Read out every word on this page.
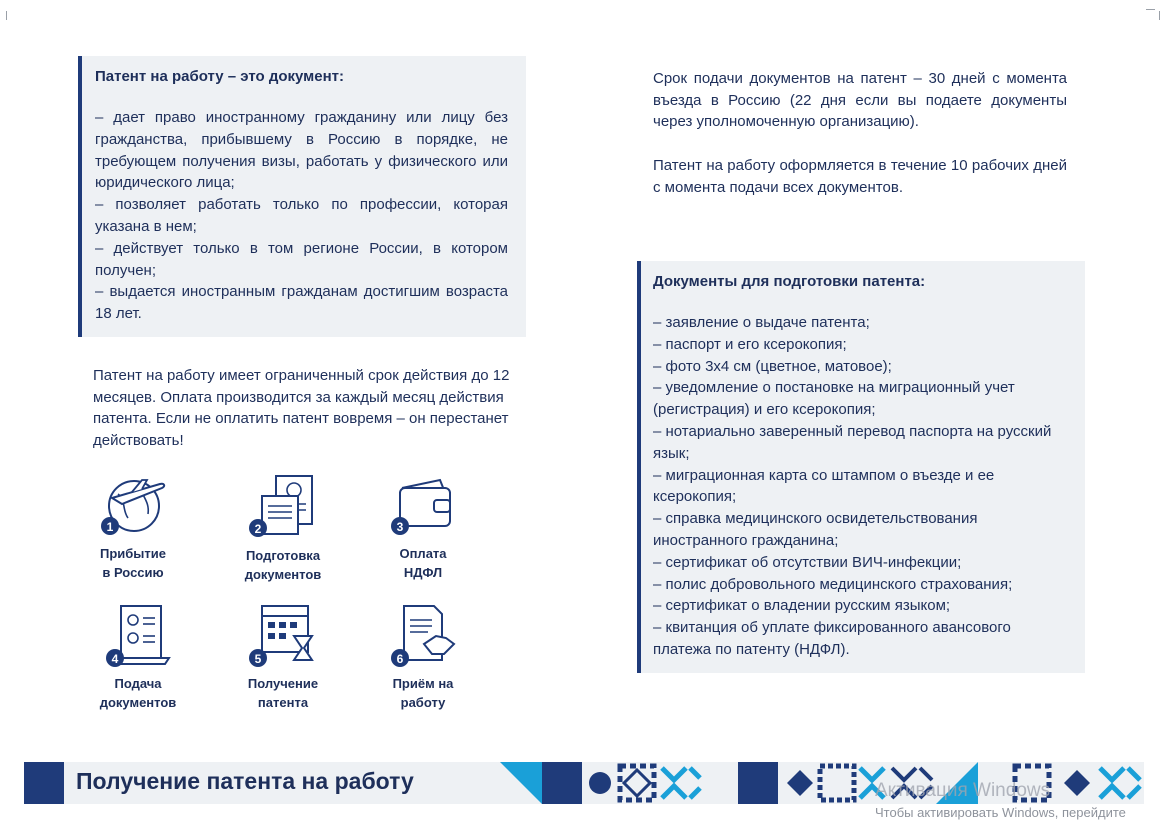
Патент на работу – это документ:

– дает право иностранному гражданину или лицу без гражданства, прибывшему в Россию в порядке, не требующем получения визы, работать у физического или юридического лица;

– позволяет работать только по профессии, которая указана в нем;

– действует только в том регионе России, в котором получен;

– выдается иностранным гражданам достигшим возраста 18 лет.

Патент на работу имеет ограниченный срок действия до 12 месяцев. Оплата производится за каждый месяц действия патента. Если не оплатить патент вовремя – он перестанет действовать!

1
Прибытие
в Россию
2
Подготовка
документов
3
Оплата
НДФЛ
4
Подача
документов
5
Получение
патента
6
Приём на
работу

Срок подачи документов на патент – 30 дней с момента въезда в Россию (22 дня если вы подаете документы через уполномоченную организацию).

Патент на работу оформляется в течение 10 рабочих дней с момента подачи всех документов.

Документы для подготовки патента:

– заявление о выдаче патента;

– паспорт и его ксерокопия;

– фото 3х4 см (цветное, матовое);

– уведомление о постановке на миграционный учет (регистрация) и его ксерокопия;

– нотариально заверенный перевод паспорта на русский язык;

– миграционная карта со штампом о въезде и ее ксерокопия;

– справка медицинского освидетельствования иностранного гражданина;

– сертификат об отсутствии ВИЧ-инфекции;

– полис добровольного медицинского страхования;

– сертификат о владении русским языком;

– квитанция об уплате фиксированного авансового платежа по патенту (НДФЛ).

Получение патента на работу	Активация Windows
Чтобы активировать Windows, перейдите
